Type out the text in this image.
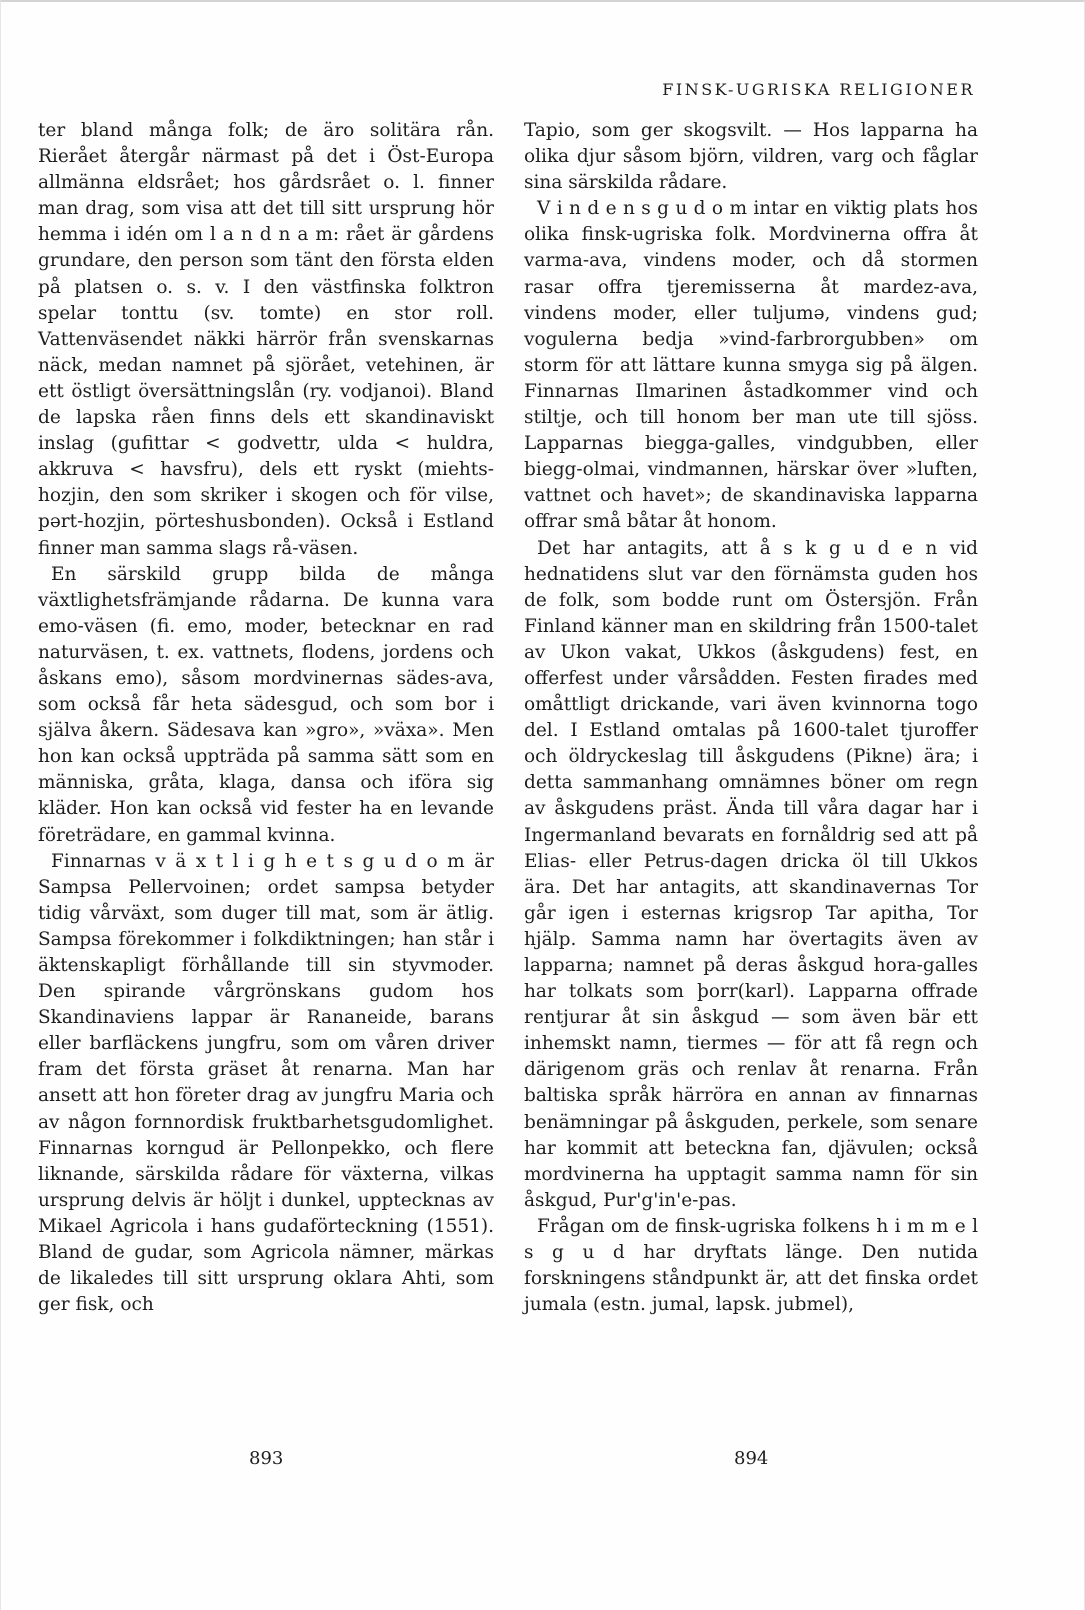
FINSK-UGRISKA RELIGIONER

ter bland många folk; de äro solitära rån. Rierået återgår närmast på det i Öst-Europa allmänna eldsrået; hos gårdsrået o. l. finner man drag, som visa att det till sitt ursprung hör hemma i idén om l a n d n a m: rået är gårdens grundare, den person som tänt den första elden på platsen o. s. v. I den västfinska folktron spelar tonttu (sv. tomte) en stor roll. Vattenväsendet näkki härrör från svenskarnas näck, medan namnet på sjörået, vetehinen, är ett östligt översättningslån (ry. vodjanoi). Bland de lapska råen finns dels ett skandinaviskt inslag (gufittar < godvettr, ulda < huldra, akkruva < havsfru), dels ett ryskt (miehts-hozjin, den som skriker i skogen och för vilse, pərt-hozjin, pörteshusbonden). Också i Estland finner man samma slags rå-väsen.

En särskild grupp bilda de många växtlighetsfrämjande rådarna. De kunna vara emo-väsen (fi. emo, moder, betecknar en rad naturväsen, t. ex. vattnets, flodens, jordens och åskans emo), såsom mordvinernas sädes-ava, som också får heta sädesgud, och som bor i själva åkern. Sädesava kan »gro», »växa». Men hon kan också uppträda på samma sätt som en människa, gråta, klaga, dansa och iföra sig kläder. Hon kan också vid fester ha en levande företrädare, en gammal kvinna.

Finnarnas v ä x t l i g h e t s g u d o m är Sampsa Pellervoinen; ordet sampsa betyder tidig vårväxt, som duger till mat, som är ätlig. Sampsa förekommer i folkdiktningen; han står i äktenskapligt förhållande till sin styvmoder. Den spirande vårgrönskans gudom hos Skandinaviens lappar är Rananeide, barans eller barfläckens jungfru, som om våren driver fram det första gräset åt renarna. Man har ansett att hon företer drag av jungfru Maria och av någon fornnordisk fruktbarhetsgudomlighet. Finnarnas korngud är Pellonpekko, och flere liknande, särskilda rådare för växterna, vilkas ursprung delvis är höljt i dunkel, upptecknas av Mikael Agricola i hans gudaförteckning (1551). Bland de gudar, som Agricola nämner, märkas de likaledes till sitt ursprung oklara Ahti, som ger fisk, och

Tapio, som ger skogsvilt. — Hos lapparna ha olika djur såsom björn, vildren, varg och fåglar sina särskilda rådare.

V i n d e n s g u d o m intar en viktig plats hos olika finsk-ugriska folk. Mordvinerna offra åt varma-ava, vindens moder, och då stormen rasar offra tjeremisserna åt mardez-ava, vindens moder, eller tuljumə, vindens gud; vogulerna bedja »vind-farbrorgubben» om storm för att lättare kunna smyga sig på älgen. Finnarnas Ilmarinen åstadkommer vind och stiltje, och till honom ber man ute till sjöss. Lapparnas biegga-galles, vindgubben, eller biegg-olmai, vindmannen, härskar över »luften, vattnet och havet»; de skandinaviska lapparna offrar små båtar åt honom.

Det har antagits, att å s k g u d e n vid hednatidens slut var den förnämsta guden hos de folk, som bodde runt om Östersjön. Från Finland känner man en skildring från 1500-talet av Ukon vakat, Ukkos (åskgudens) fest, en offerfest under vårsådden. Festen firades med omåttligt drickande, vari även kvinnorna togo del. I Estland omtalas på 1600-talet tjuroffer och öldryckeslag till åskgudens (Pikne) ära; i detta sammanhang omnämnes böner om regn av åskgudens präst. Ända till våra dagar har i Ingermanland bevarats en fornåldrig sed att på Elias- eller Petrus-dagen dricka öl till Ukkos ära. Det har antagits, att skandinavernas Tor går igen i esternas krigsrop Tar apitha, Tor hjälp. Samma namn har övertagits även av lapparna; namnet på deras åskgud hora-galles har tolkats som þorr(karl). Lapparna offrade rentjurar åt sin åskgud — som även bär ett inhemskt namn, tiermes — för att få regn och därigenom gräs och renlav åt renarna. Från baltiska språk härröra en annan av finnarnas benämningar på åskguden, perkele, som senare har kommit att beteckna fan, djävulen; också mordvinerna ha upptagit samma namn för sin åskgud, Pur'g'in'e-pas.

Frågan om de finsk-ugriska folkens h i m m e l s g u d har dryftats länge. Den nutida forskningens ståndpunkt är, att det finska ordet jumala (estn. jumal, lapsk. jubmel),

893	894
